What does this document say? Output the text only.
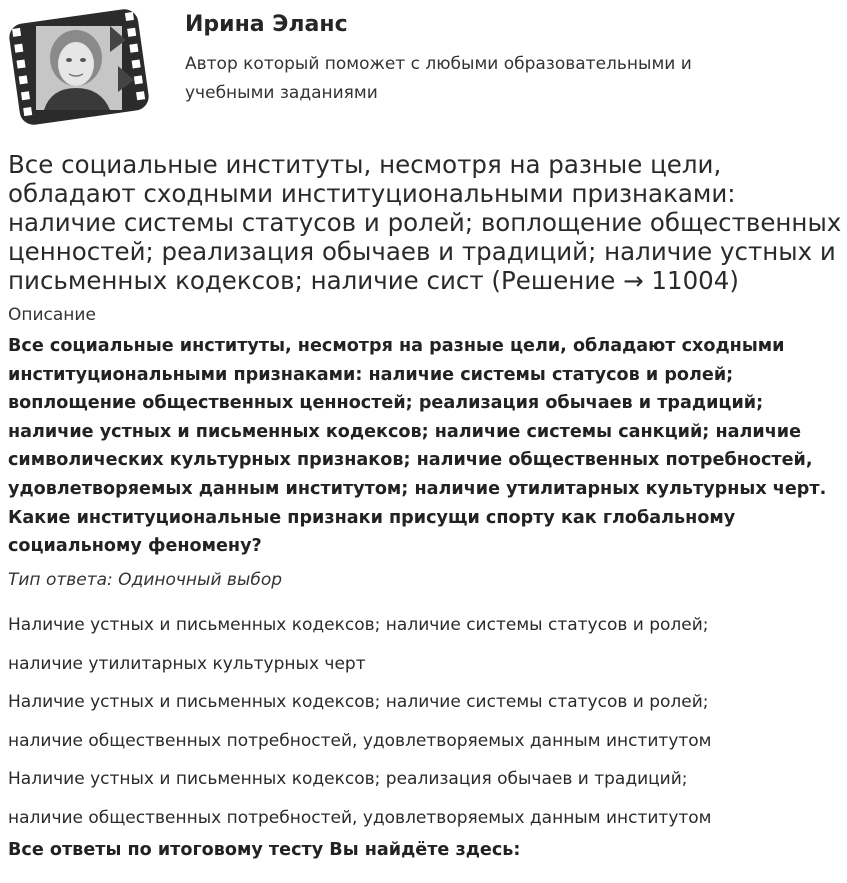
Ирина Эланс
Автор который поможет с любыми образовательными и учебными заданиями
Все социальные институты, несмотря на разные цели, обладают сходными институциональными признаками: наличие системы статусов и ролей; воплощение общественных ценностей; реализация обычаев и традиций; наличие устных и письменных кодексов; наличие сист (Решение → 11004)
Описание

Все социальные институты, несмотря на разные цели, обладают сходными институциональными признаками: наличие системы статусов и ролей; воплощение общественных ценностей; реализация обычаев и традиций; наличие устных и письменных кодексов; наличие системы санкций; наличие символических культурных признаков; наличие общественных потребностей, удовлетворяемых данным институтом; наличие утилитарных культурных черт. Какие институциональные признаки присущи спорту как глобальному социальному феномену?

Тип ответа: Одиночный выбор
Наличие устных и письменных кодексов; наличие системы статусов и ролей;
наличие утилитарных культурных черт
Наличие устных и письменных кодексов; наличие системы статусов и ролей;
наличие общественных потребностей, удовлетворяемых данным институтом
Наличие устных и письменных кодексов; реализация обычаев и традиций;
наличие общественных потребностей, удовлетворяемых данным институтом
Все ответы по итоговому тесту Вы найдёте здесь:
